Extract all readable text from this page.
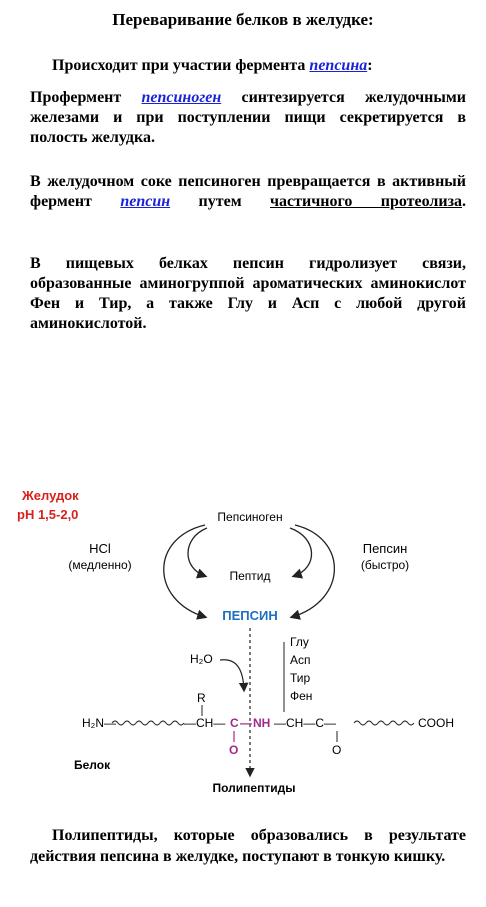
Переваривание белков в желудке:
Происходит при участии фермента пепсина:
Профермент пепсиноген синтезируется желудочными железами и при поступлении пищи секретируется в полость желудка.
В желудочном соке пепсиноген превращается в активный фермент пепсин путем частичного протеолиза.
В пищевых белках пепсин гидролизует связи, образованные аминогруппой ароматических аминокислот Фен и Тир, а также Глу и Асп с любой другой аминокислотой.
Желудок
pH 1,5-2,0	Пепсиноген
HCl
(медленно)
Пепсин
(быстро)
Пептид
ПЕПСИН
H₂O
Глу
Асп
Тир
Фен
R
H₂N—	—CH— C — NH —CH—C—
O	O
COOH
Белок
Полипептиды
Полипептиды, которые образовались в результате действия пепсина в желудке, поступают в тонкую кишку.
